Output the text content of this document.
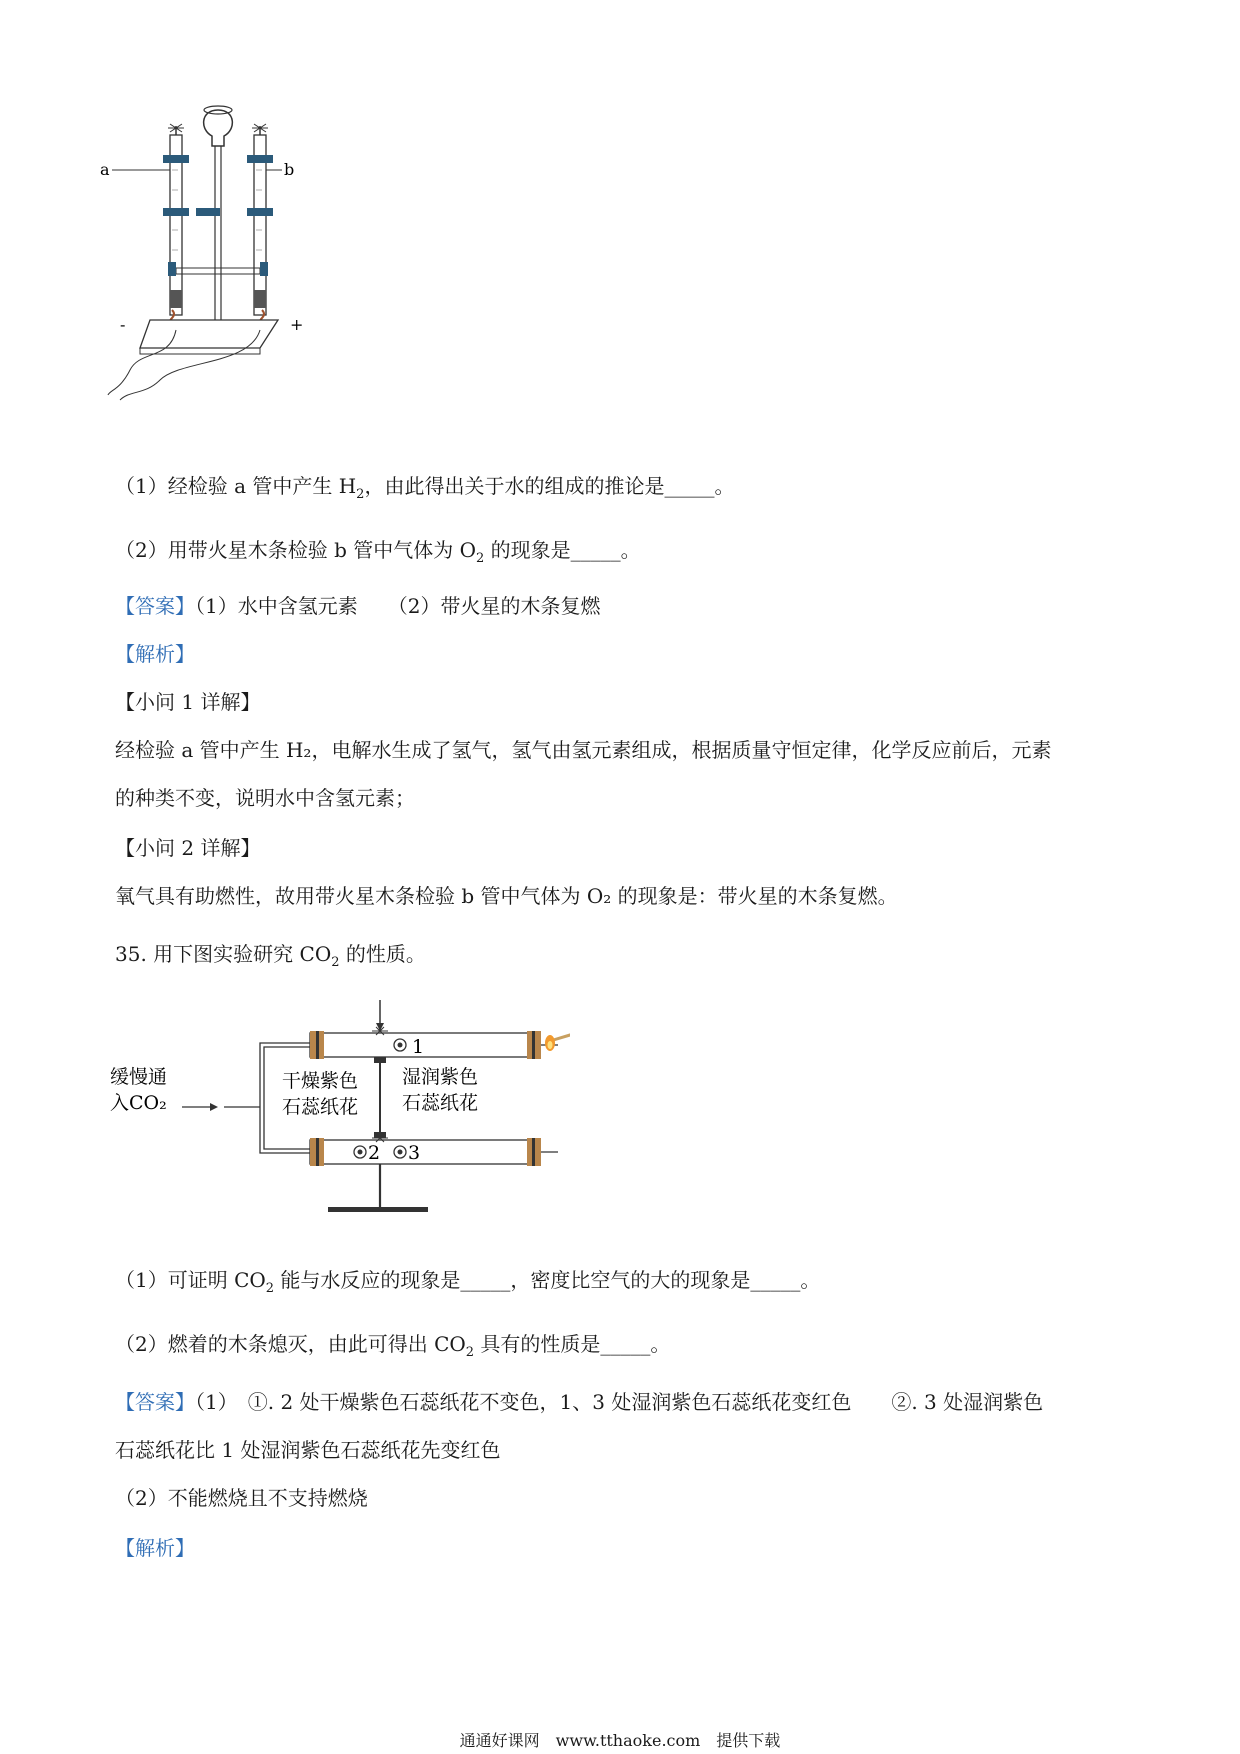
a	b
-	+
（1）经检验 a 管中产生 $H_2$，由此得出关于水的组成的推论是_____。
（2）用带火星木条检验 b 管中气体为 $O_2$ 的现象是_____。
【答案】（1）水中含氢元素　　（2）带火星的木条复燃
【解析】
【小问 1 详解】
经检验 a 管中产生 H₂，电解水生成了氢气，氢气由氢元素组成，根据质量守恒定律，化学反应前后，元素
的种类不变，说明水中含氢元素；
【小问 2 详解】
氧气具有助燃性，故用带火星木条检验 b 管中气体为 O₂ 的现象是：带火星的木条复燃。
35. 用下图实验研究 $CO_2$ 的性质。
缓慢通
入CO₂
干燥紫色
石蕊纸花
湿润紫色
石蕊纸花
1
2 3
（1）可证明 $CO_2$ 能与水反应的现象是_____，密度比空气的大的现象是_____。
（2）燃着的木条熄灭，由此可得出 $CO_2$ 具有的性质是_____。
【答案】（1）　①. 2 处干燥紫色石蕊纸花不变色，1、3 处湿润紫色石蕊纸花变红色　　②. 3 处湿润紫色
石蕊纸花比 1 处湿润紫色石蕊纸花先变红色
（2）不能燃烧且不支持燃烧
【解析】
通通好课网　www.tthaoke.com　提供下载
